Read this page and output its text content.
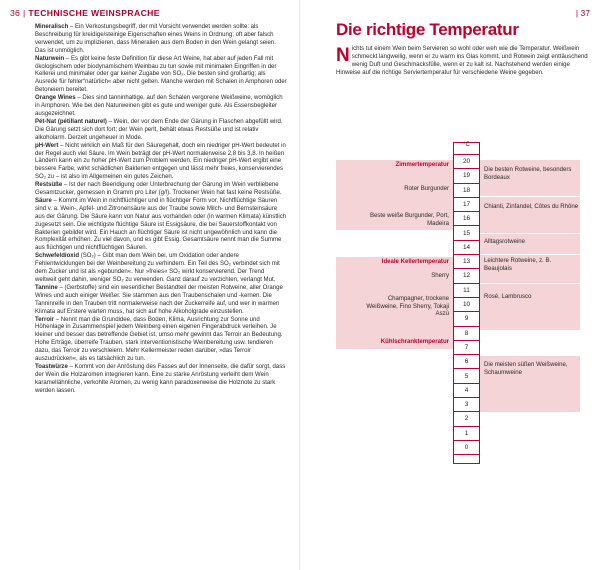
36 | TECHNISCHE WEINSPRACHE
Mineralisch – Ein Verkostungsbegriff, der mit Vorsicht verwendet werden sollte: als Beschreibung für kreidige/steinige Eigenschaften eines Weins in Ordnung; oft aber falsch verwendet, um zu implizieren, dass Mineralien aus dem Boden in den Wein gelangt seien. Das ist unmöglich.
Naturwein – Es gibt keine feste Definition für diese Art Weine, hat aber auf jeden Fall mit ökologischem oder biodynamischem Weinbau zu tun sowie mit minimalen Eingriffen in der Kellerei und minimaler oder gar keiner Zugabe von SO₂. Die besten sind großartig; als Ausrede für fehler“natürlich« aber nicht gelten. Manche werden mit Schalen in Amphoren oder Betoneiern bereitet.
Orange Wines – Dies sind tanninhaltige, auf den Schalen vergorene Weißweine, womöglich in Amphoren. Wie bei den Naturweinen gibt es gute und weniger gute. Als Essensbegleiter ausgezeichnet.
Pét-Nat (pétillant naturel) – Wein, der vor dem Ende der Gärung in Flaschen abgefüllt wird. Die Gärung setzt sich dort fort; der Wein perlt, behält etwas Restsüße und ist relativ alkoholarm. Derzeit ungeheuer in Mode.
pH-Wert – Nicht wirklich ein Maß für den Säuregehalt, doch ein niedriger pH-Wert bedeutet in der Regel auch viel Säure. Im Wein beträgt der pH-Wert normalerweise 2,8 bis 3,8. In heißen Ländern kann ein zu hoher pH-Wert zum Problem werden. Ein niedriger pH-Wert ergibt eine bessere Farbe, wirkt schädlichen Bakterien entgegen und lässt mehr freies, konservierendes SO₂ zu – ist also im Allgemeinen ein gutes Zeichen.
Restsüße – Ist der nach Beendigung oder Unterbrechung der Gärung im Wein verbliebene Gesamtzucker, gemessen in Gramm pro Liter (g/l). Trockener Wein hat fast keine Restsüße.
Säure – Kommt im Wein in nichtflüchtiger und in flüchtiger Form vor. Nichtflüchtige Säuren sind v. a. Wein-, Apfel- und Zitronensäure aus der Traube sowie Milch- und Bernsteinsäure aus der Gärung. Die Säure kann von Natur aus vorhanden oder (in warmen Klimata) künstlich zugesetzt sein. Die wichtigste flüchtige Säure ist Essigsäure, die bei Sauerstoffkontakt von Bakterien gebildet wird. Ein Hauch an flüchtiger Säure ist nicht ungewöhnlich und kann die Komplexität erhöhen. Zu viel davon, und es gibt Essig. Gesamtsäure nennt man die Summe aus flüchtigen und nichtflüchtigen Säuren.
Schwefeldioxid (SO₂) – Gibt man dem Wein bei, um Oxidation oder andere Fehlentwicklungen bei der Weinbereitung zu verhindern. Ein Teil des SO₂ verbindet sich mit dem Zucker und ist als »gebunden«. Nur »freies« SO₂ wirkt konservierend. Der Trend weltweit geht dahin, weniger SO₂ zu verwenden. Ganz darauf zu verzichten, verlangt Mut.
Tannine – (Gerbstoffe) sind ein wesentlicher Bestandteil der meisten Rotweine, aller Orange Wines und auch einiger Weißer. Sie stammen aus den Traubenschalen und -kernen. Die Tanninreife in den Trauben tritt normalerweise nach der Zuckerreife auf, und wer in warmen Klimata auf Erstere warten muss, hat sich auf hohe Alkoholgrade einzustellen.
Terroir – Nennt man die Grundidee, dass Boden, Klima, Ausrichtung zur Sonne und Höhenlage in Zusammenspiel jedem Weinberg einen eigenen Fingerabdruck verleihen. Je kleiner und besser das betreffende Gebiet ist, umso mehr gewinnt das Terroir an Bedeutung. Hohe Erträge, überreife Trauben, stark interventionistische Weinbereitung usw. tendieren dazu, das Terroir zu verschleiern. Mehr Kellermeister reden darüber, »das Terroir auszudrücken«, als es tatsächlich zu tun.
Toastwürze – Kommt von der Anröstung des Fasses auf der Innenseite, die dafür sorgt, dass der Wein die Holzaromen integrieren kann. Eine zu starke Anröstung verleiht dem Wein karamellähnliche, verkohlte Aromen, zu wenig kann paradoxerweise die Holznote zu stark werden lassen.
| 37
Die richtige Temperatur
Nichts tut einem Wein beim Servieren so wohl oder weh wie die Temperatur. Weißwein schmeckt langweilig, wenn er zu warm ins Glas kommt, und Rotwein zeigt enttäuschend wenig Duft und Geschmacksfülle, wenn er zu kalt ist. Nachstehend werden einige Hinweise auf die richtige Serviertemperatur für verschiedene Weine gegeben.
Zimmertemperatur
Roter Burgunder
Beste weiße Burgunder, Port, Madeira
Ideale Kellertemperatur
Sherry
Champagner, trockene Weißweine, Fino Sherry, Tokaji Aszú
Kühlschranktemperatur
20
19
18
17
16
15
14
13
12
11
10
9
8
7
6
5
4
3
2
1
0
°C
Die besten Rotweine, besonders Bordeaux
Chianti, Zinfandel, Côtes du Rhône
Alltagsrotweine
Leichtere Rotweine, z. B. Beaujolais
Rosé, Lambrusco
Die meisten süßen Weißweine, Schaumweine
